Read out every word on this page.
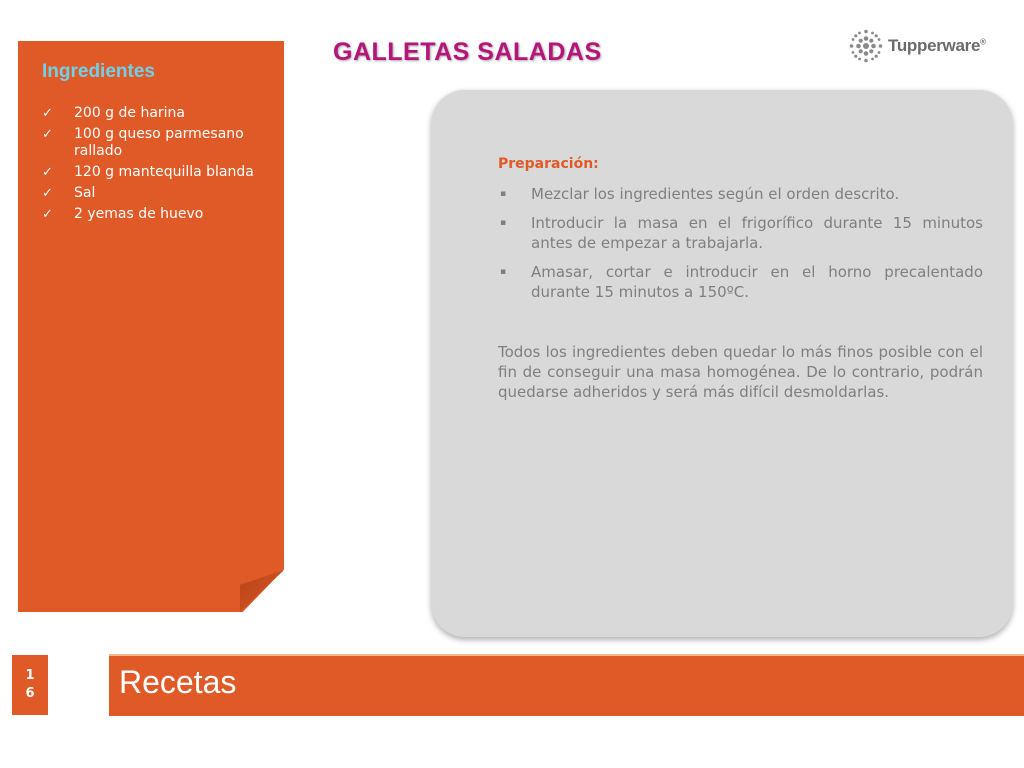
Ingredientes
✓ 200 g de harina
✓ 100 g queso parmesano rallado
✓ 120 g mantequilla blanda
✓ Sal
✓ 2 yemas de huevo
GALLETAS SALADAS	Tupperware®
Preparación:
▪ Mezclar los ingredientes según el orden descrito.
▪ Introducir la masa en el frigorífico durante 15 minutos antes de empezar a trabajarla.
▪ Amasar, cortar e introducir en el horno precalentado durante 15 minutos a 150ºC.

Todos los ingredientes deben quedar lo más finos posible con el fin de conseguir una masa homogénea. De lo contrario, podrán quedarse adheridos y será más difícil desmoldarlas.

1
6	Recetas
